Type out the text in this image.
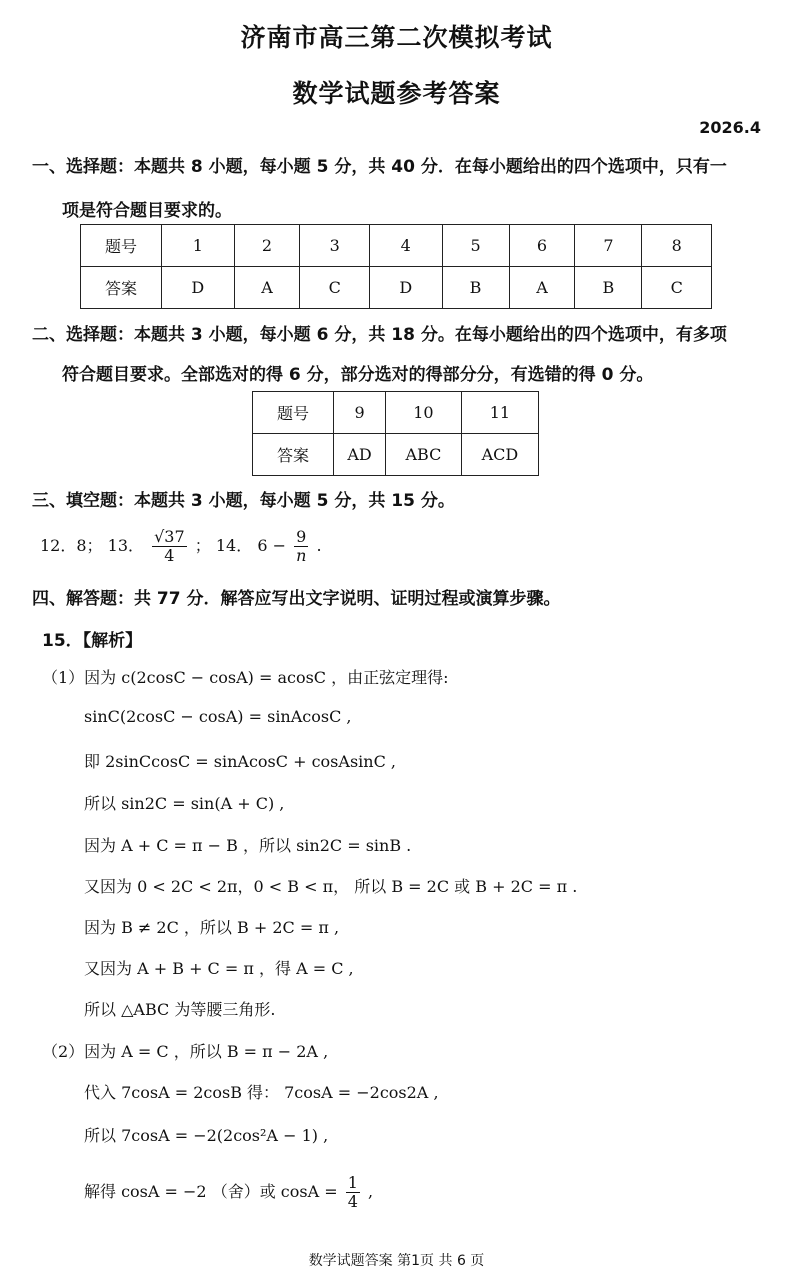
济南市高三第二次模拟考试
数学试题参考答案
2026.4
一、选择题：本题共 8 小题，每小题 5 分，共 40 分．在每小题给出的四个选项中，只有一
项是符合题目要求的。
题号	1	2	3	4	5	6	7	8
答案	D	A	C	D	B	A	B	C
二、选择题：本题共 3 小题，每小题 6 分，共 18 分。在每小题给出的四个选项中，有多项
符合题目要求。全部选对的得 6 分，部分选对的得部分分，有选错的得 0 分。
题号	9	10	11
答案	AD	ABC	ACD
三、填空题：本题共 3 小题，每小题 5 分，共 15 分。
12．8； 13． $\frac{√37}{4}$ ； 14． $6 - \frac{9}{n}$ .
四、解答题：共 77 分．解答应写出文字说明、证明过程或演算步骤。
15．【解析】
（1）因为 c(2cosC − cosA) = acosC ，由正弦定理得:
sinC(2cosC − cosA) = sinAcosC ,
即 2sinCcosC = sinAcosC + cosAsinC ,
所以 sin2C = sin(A + C) ,
因为 A + C = π − B ，所以 sin2C = sinB .
又因为 0 < 2C < 2π，0 < B < π， 所以 B = 2C 或 B + 2C = π .
因为 B ≠ 2C ，所以 B + 2C = π ,
又因为 A + B + C = π ，得 A = C ,
所以 △ABC 为等腰三角形.
（2）因为 A = C ，所以 B = π − 2A ,
代入 7cosA = 2cosB 得： 7cosA = −2cos2A ,
所以 7cosA = −2(2cos²A − 1) ,
解得 cosA = −2 （舍）或 $\cos A = \frac{1}{4}$ ,
数学试题答案 第1页 共 6 页
